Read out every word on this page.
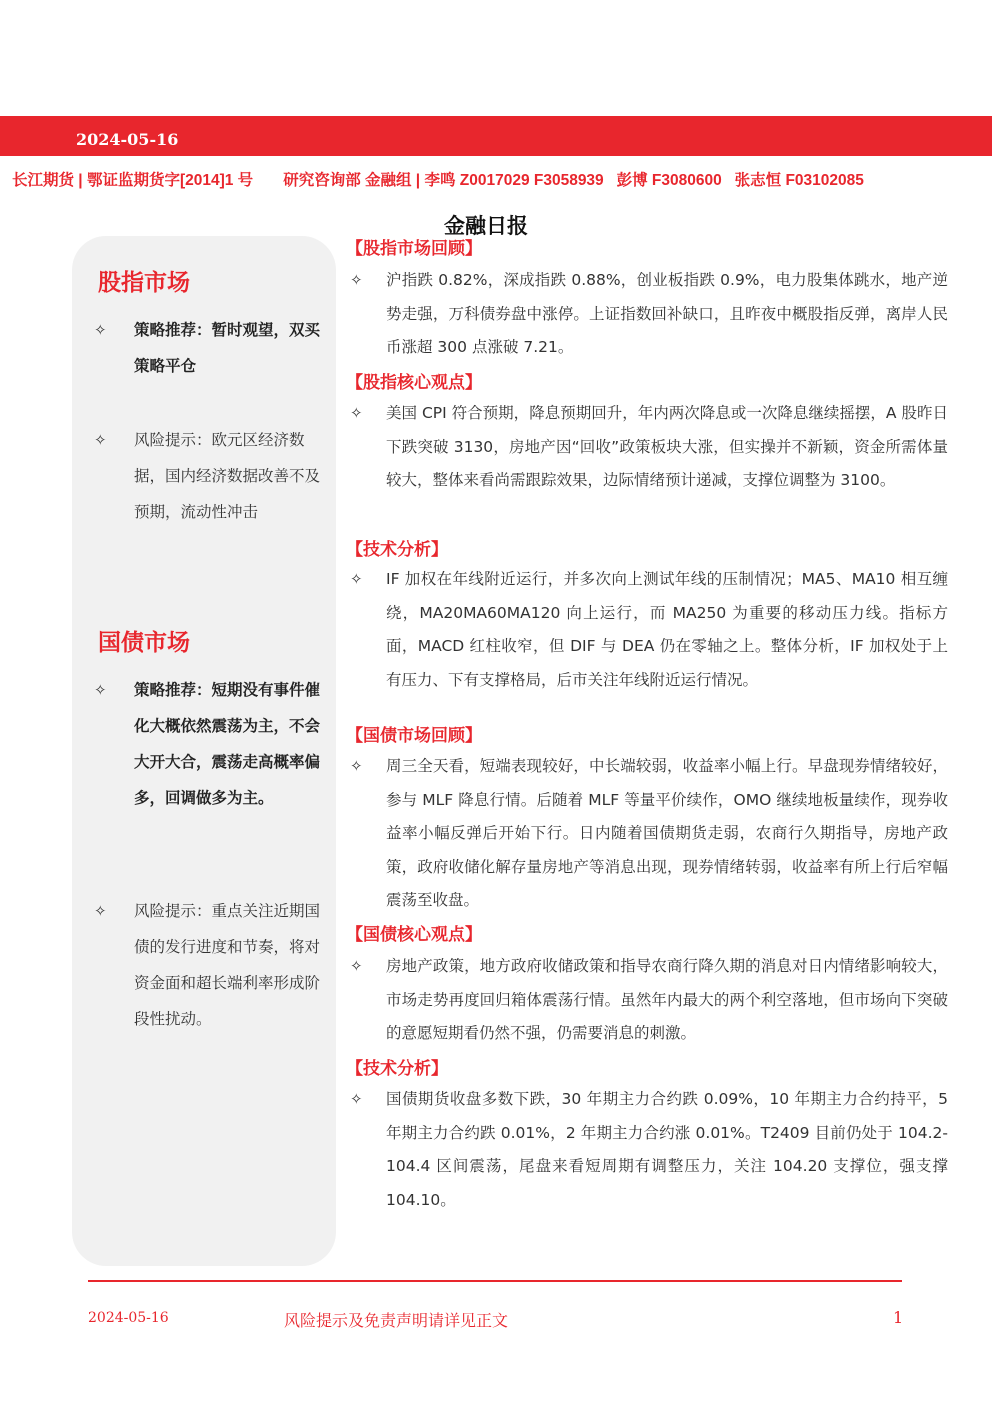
2024-05-16
长江期货 | 鄂证监期货字[2014]1 号 研究咨询部 金融组 | 李鸣 Z0017029 F3058939 彭博 F3080600 张志恒 F03102085
金融日报
股指市场
✧ 策略推荐：暂时观望，双买策略平仓
✧ 风险提示：欧元区经济数据，国内经济数据改善不及预期，流动性冲击
国债市场
✧ 策略推荐：短期没有事件催化大概依然震荡为主，不会大开大合，震荡走高概率偏多，回调做多为主。
✧ 风险提示：重点关注近期国债的发行进度和节奏，将对资金面和超长端利率形成阶段性扰动。
【股指市场回顾】
✧ 沪指跌 0.82%，深成指跌 0.88%，创业板指跌 0.9%，电力股集体跳水，地产逆势走强，万科债券盘中涨停。上证指数回补缺口，且昨夜中概股指反弹，离岸人民币涨超 300 点涨破 7.21。
【股指核心观点】
✧ 美国 CPI 符合预期，降息预期回升，年内两次降息或一次降息继续摇摆，A 股昨日下跌突破 3130，房地产因“回收”政策板块大涨，但实操并不新颖，资金所需体量较大，整体来看尚需跟踪效果，边际情绪预计递减，支撑位调整为 3100。
【技术分析】
✧ IF 加权在年线附近运行，并多次向上测试年线的压制情况；MA5、MA10 相互缠绕，MA20MA60MA120 向上运行，而 MA250 为重要的移动压力线。指标方面，MACD 红柱收窄，但 DIF 与 DEA 仍在零轴之上。整体分析，IF 加权处于上有压力、下有支撑格局，后市关注年线附近运行情况。
【国债市场回顾】
✧ 周三全天看，短端表现较好，中长端较弱，收益率小幅上行。早盘现券情绪较好，参与 MLF 降息行情。后随着 MLF 等量平价续作，OMO 继续地板量续作，现券收益率小幅反弹后开始下行。日内随着国债期货走弱，农商行久期指导，房地产政策，政府收储化解存量房地产等消息出现，现券情绪转弱，收益率有所上行后窄幅震荡至收盘。
【国债核心观点】
✧ 房地产政策，地方政府收储政策和指导农商行降久期的消息对日内情绪影响较大，市场走势再度回归箱体震荡行情。虽然年内最大的两个利空落地，但市场向下突破的意愿短期看仍然不强，仍需要消息的刺激。
【技术分析】
✧ 国债期货收盘多数下跌，30 年期主力合约跌 0.09%，10 年期主力合约持平，5 年期主力合约跌 0.01%，2 年期主力合约涨 0.01%。T2409 目前仍处于 104.2-104.4 区间震荡，尾盘来看短周期有调整压力，关注 104.20 支撑位，强支撑 104.10。
2024-05-16	风险提示及免责声明请详见正文	1
